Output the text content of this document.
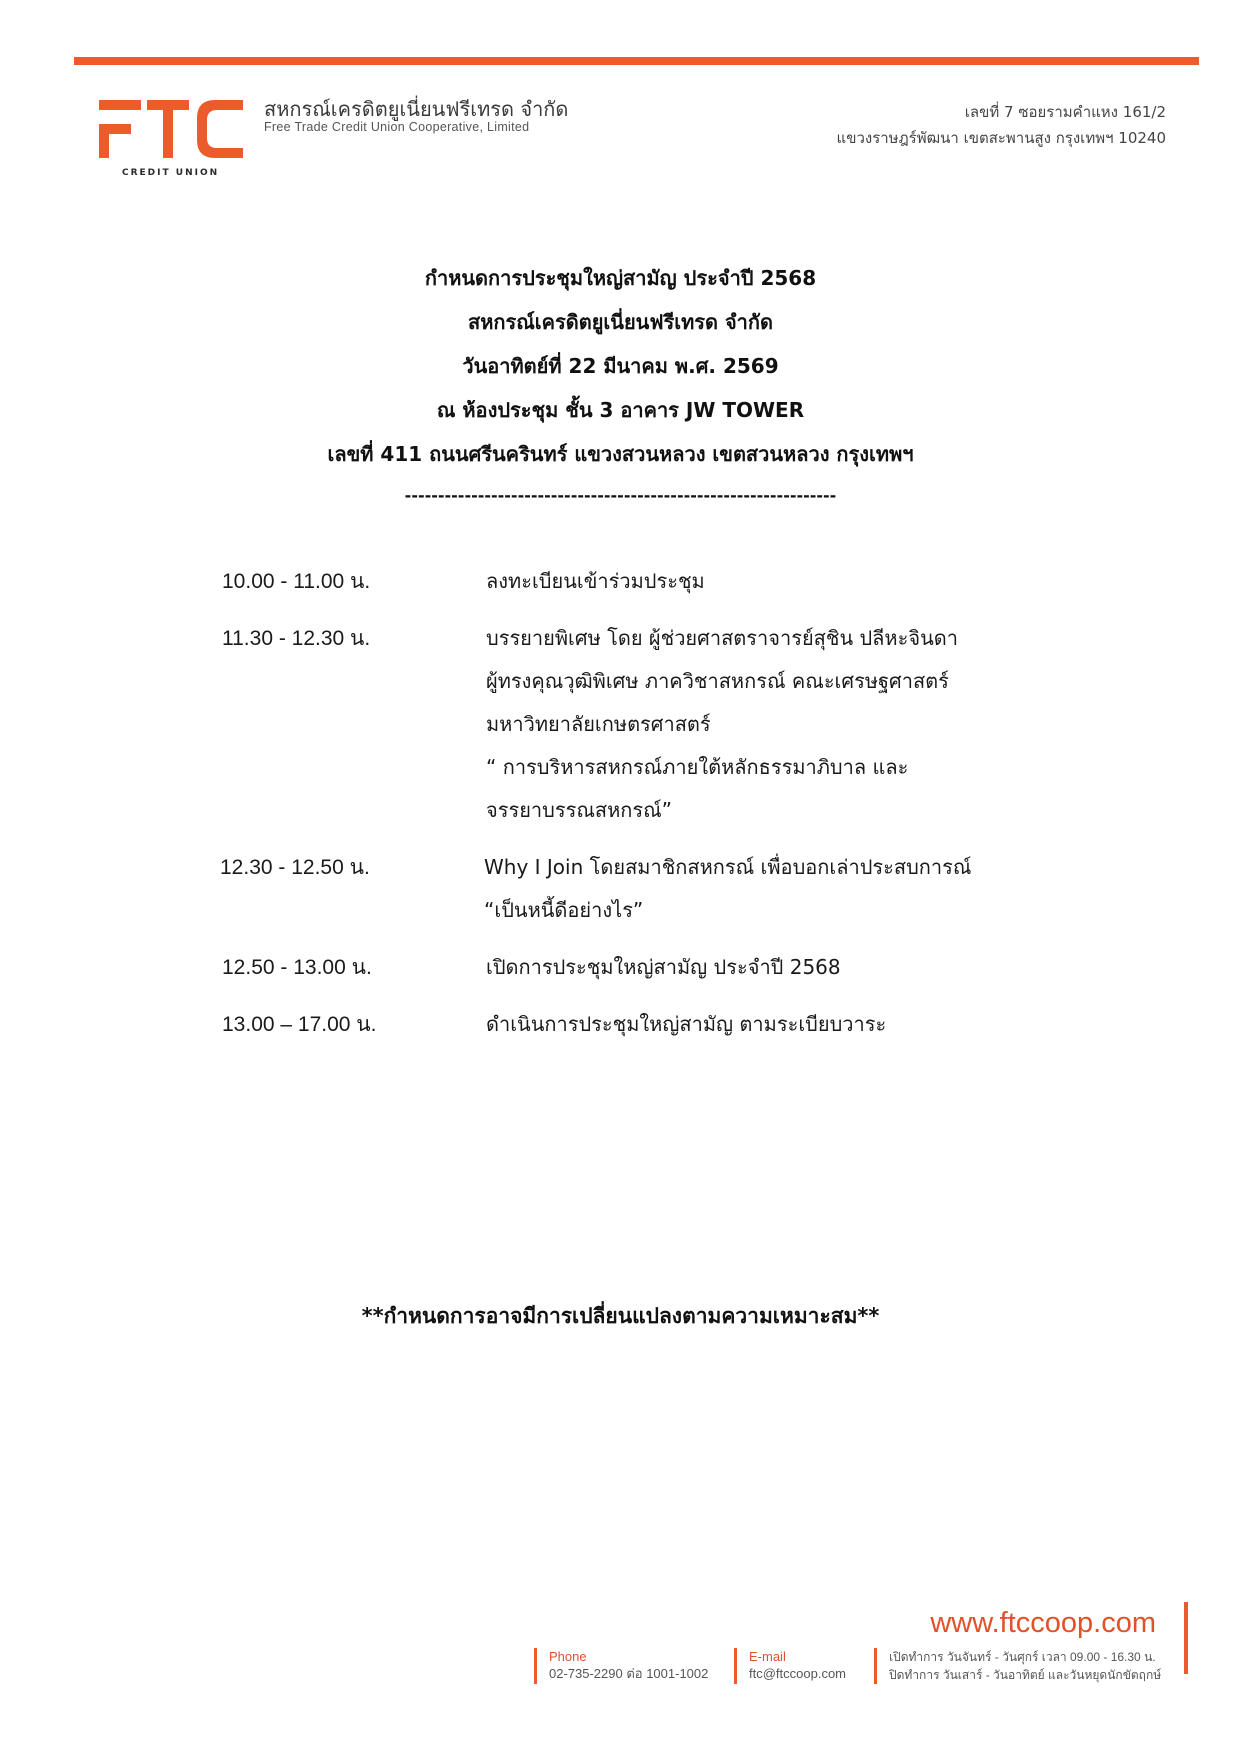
CREDIT UNION
สหกรณ์เครดิตยูเนี่ยนฟรีเทรด จำกัด
Free Trade Credit Union Cooperative, Limited
เลขที่ 7 ซอยรามคำแหง 161/2
แขวงราษฎร์พัฒนา เขตสะพานสูง กรุงเทพฯ 10240
กำหนดการประชุมใหญ่สามัญ ประจำปี 2568
สหกรณ์เครดิตยูเนี่ยนฟรีเทรด จำกัด
วันอาทิตย์ที่ 22 มีนาคม พ.ศ. 2569
ณ ห้องประชุม ชั้น 3 อาคาร JW TOWER
เลขที่ 411 ถนนศรีนครินทร์ แขวงสวนหลวง เขตสวนหลวง กรุงเทพฯ
-----------------------------------------------------------------
10.00 - 11.00 น.	ลงทะเบียนเข้าร่วมประชุม
11.30 - 12.30 น.	บรรยายพิเศษ โดย ผู้ช่วยศาสตราจารย์สุชิน ปลีหะจินดา
ผู้ทรงคุณวุฒิพิเศษ ภาควิชาสหกรณ์ คณะเศรษฐศาสตร์
มหาวิทยาลัยเกษตรศาสตร์
“ การบริหารสหกรณ์ภายใต้หลักธรรมาภิบาล และ
จรรยาบรรณสหกรณ์”
12.30 - 12.50 น.	Why I Join โดยสมาชิกสหกรณ์ เพื่อบอกเล่าประสบการณ์
“เป็นหนี้ดีอย่างไร”
12.50 - 13.00 น.	เปิดการประชุมใหญ่สามัญ ประจำปี 2568
13.00 – 17.00 น.	ดำเนินการประชุมใหญ่สามัญ ตามระเบียบวาระ
**กำหนดการอาจมีการเปลี่ยนแปลงตามความเหมาะสม**
www.ftccoop.com
Phone
02-735-2290 ต่อ 1001-1002
E-mail
ftc@ftccoop.com
เปิดทำการ วันจันทร์ - วันศุกร์ เวลา 09.00 - 16.30 น.
ปิดทำการ วันเสาร์ - วันอาทิตย์ และวันหยุดนักขัตฤกษ์
